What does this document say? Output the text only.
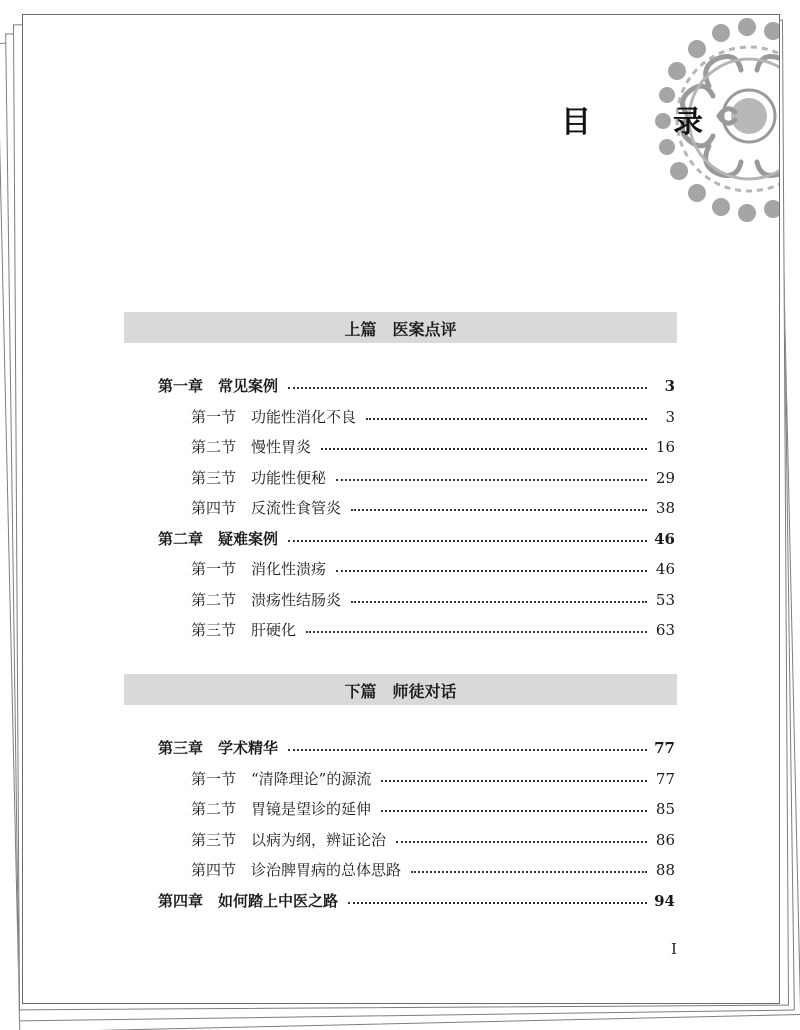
目　录
上篇　医案点评
下篇　师徒对话
第一章　常见案例	3
第一节　功能性消化不良	3
第二节　慢性胃炎	16
第三节　功能性便秘	29
第四节　反流性食管炎	38
第二章　疑难案例	46
第一节　消化性溃疡	46
第二节　溃疡性结肠炎	53
第三节　肝硬化	63
第三章　学术精华	77
第一节　“清降理论”的源流	77
第二节　胃镜是望诊的延伸	85
第三节　以病为纲，辨证论治	86
第四节　诊治脾胃病的总体思路	88
第四章　如何踏上中医之路	94
I
